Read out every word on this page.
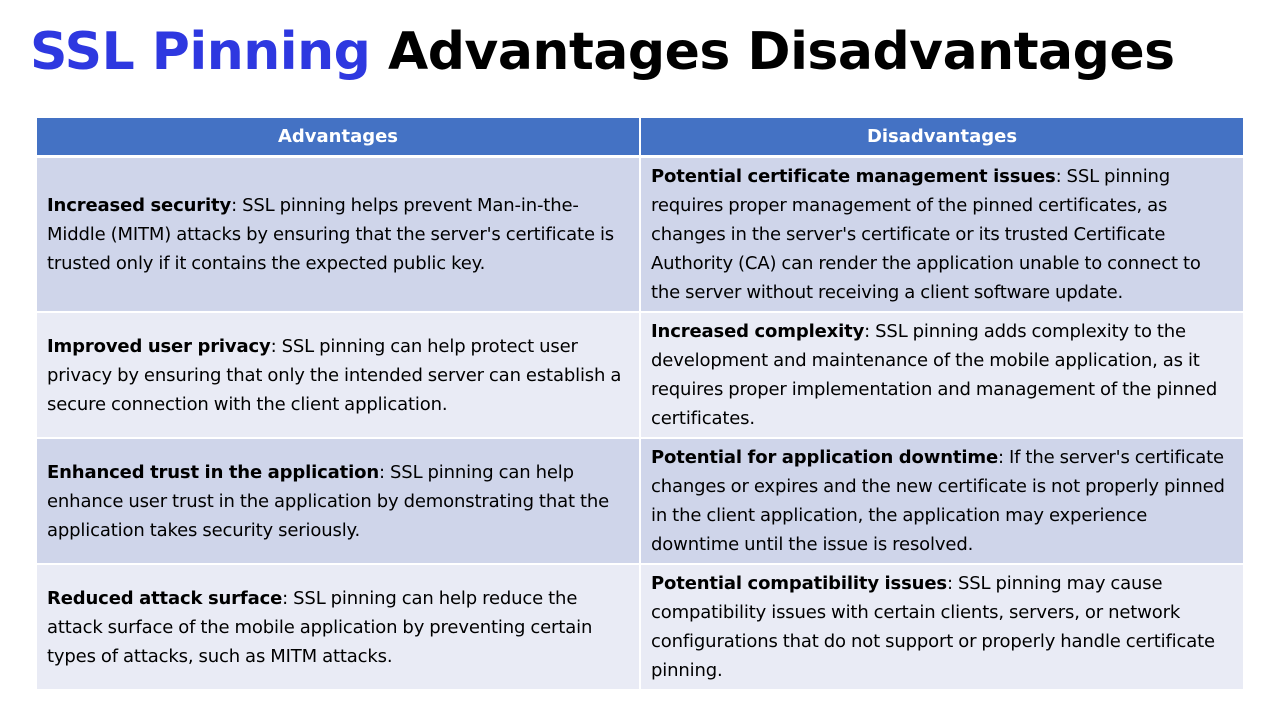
SSL Pinning Advantages Disadvantages
Advantages	Disadvantages
Increased security: SSL pinning helps prevent Man-in-the-Middle (MITM) attacks by ensuring that the server's certificate is trusted only if it contains the expected public key.	Potential certificate management issues: SSL pinning requires proper management of the pinned certificates, as changes in the server's certificate or its trusted Certificate Authority (CA) can render the application unable to connect to the server without receiving a client software update.
Improved user privacy: SSL pinning can help protect user privacy by ensuring that only the intended server can establish a secure connection with the client application.	Increased complexity: SSL pinning adds complexity to the development and maintenance of the mobile application, as it requires proper implementation and management of the pinned certificates.
Enhanced trust in the application: SSL pinning can help enhance user trust in the application by demonstrating that the application takes security seriously.	Potential for application downtime: If the server's certificate changes or expires and the new certificate is not properly pinned in the client application, the application may experience downtime until the issue is resolved.
Reduced attack surface: SSL pinning can help reduce the attack surface of the mobile application by preventing certain types of attacks, such as MITM attacks.	Potential compatibility issues: SSL pinning may cause compatibility issues with certain clients, servers, or network configurations that do not support or properly handle certificate pinning.
